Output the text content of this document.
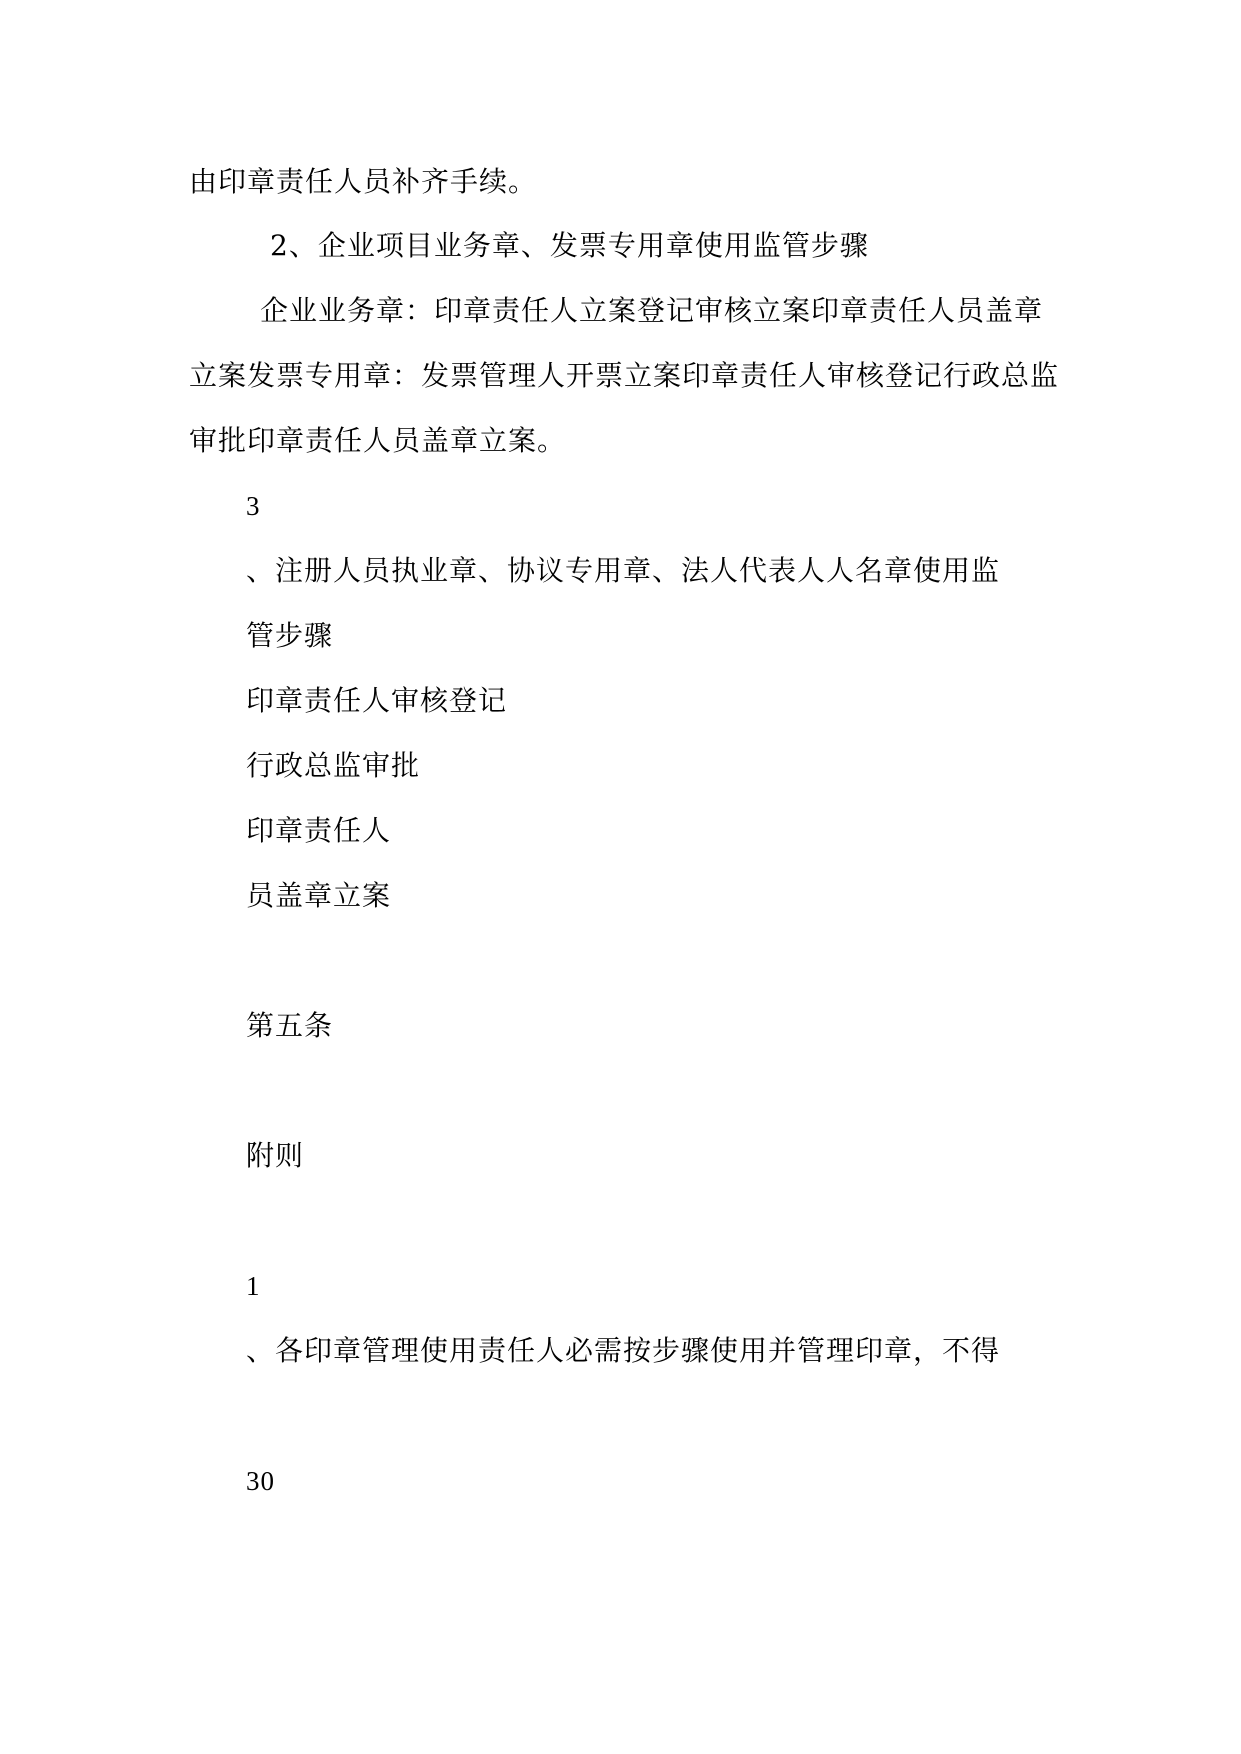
由印章责任人员补齐手续。
2、企业项目业务章、发票专用章使用监管步骤
企业业务章：印章责任人立案登记审核立案印章责任人员盖章
立案发票专用章：发票管理人开票立案印章责任人审核登记行政总监
审批印章责任人员盖章立案。
3
、注册人员执业章、协议专用章、法人代表人人名章使用监
管步骤
印章责任人审核登记
行政总监审批
印章责任人
员盖章立案
第五条
附则
1
、各印章管理使用责任人必需按步骤使用并管理印章，不得
30
